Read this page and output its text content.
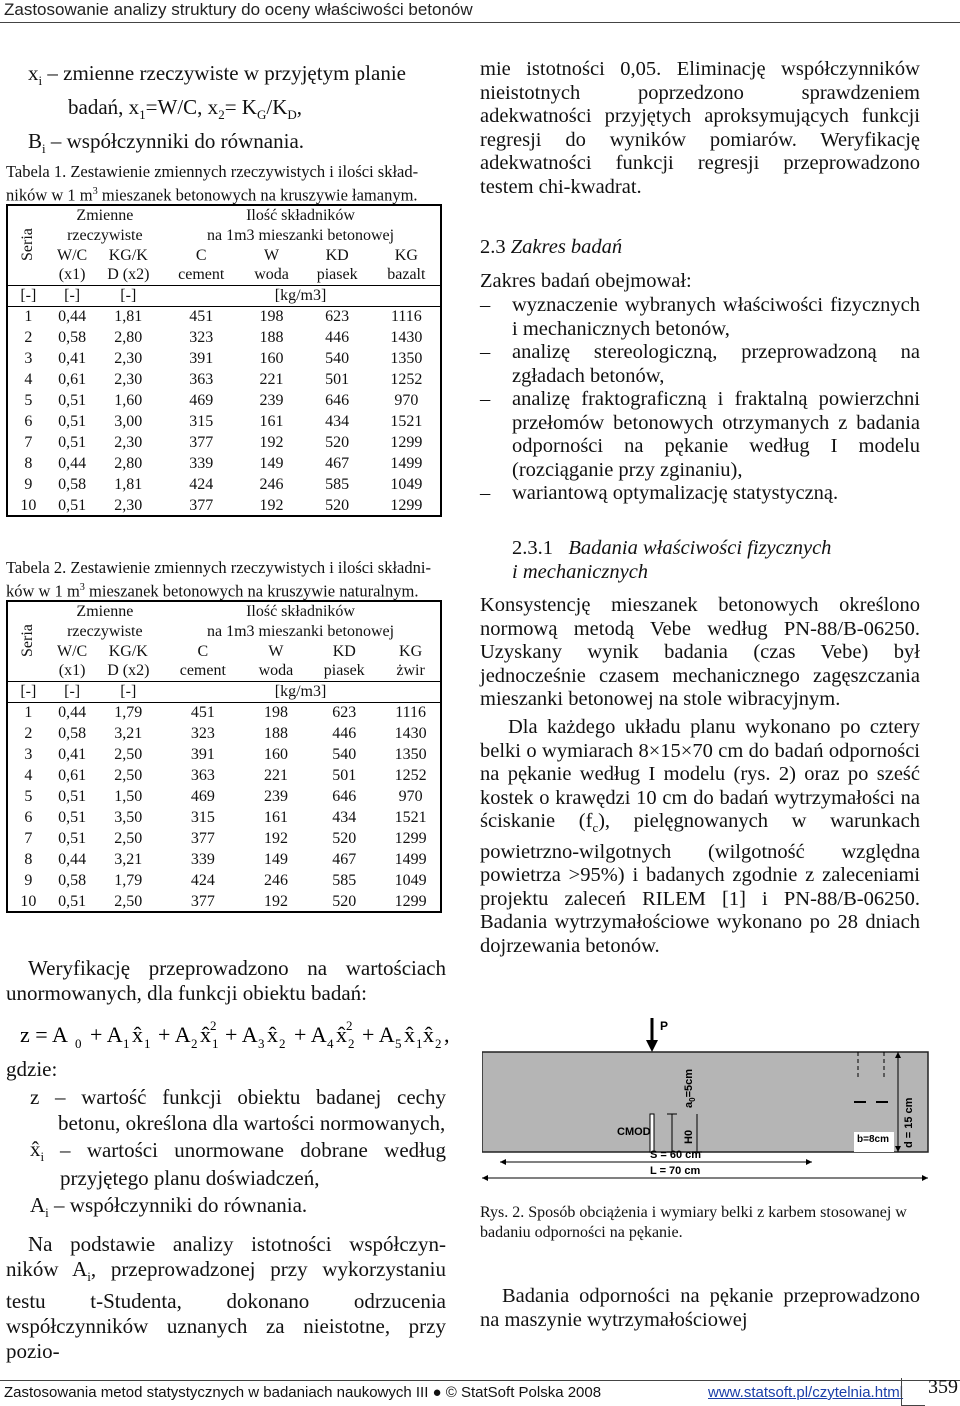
Zastosowanie analizy struktury do oceny właściwości betonów
Zastosowania metod statystycznych w badaniach naukowych III ● © StatSoft Polska 2008	www.statsoft.pl/czytelnia.html 359
$x_i$ – zmienne rzeczywiste w przyjętym planie
badań, $x_1=W/C$, $x_2= K_G/K_D$,
$B_i$ – współczynniki do równania.
Tabela 1. Zestawienie zmiennych rzeczywistych i ilości skład-
ników w 1 $m^3$ mieszanek betonowych na kruszywie łamanym.
Seria	Zmienne		Ilość składników			
	rzeczywiste		na 1m3 mieszanki betonowej			
	W/C	KG/K	C	W	KD	KG
	(x1)	D (x2)	cement	woda	piasek	bazalt
[-]	[-]	[-]	[kg/m3]			
1	0,44	1,81	451	198	623	1116
2	0,58	2,80	323	188	446	1430
3	0,41	2,30	391	160	540	1350
4	0,61	2,30	363	221	501	1252
5	0,51	1,60	469	239	646	970
6	0,51	3,00	315	161	434	1521
7	0,51	2,30	377	192	520	1299
8	0,44	2,80	339	149	467	1499
9	0,58	1,81	424	246	585	1049
10	0,51	2,30	377	192	520	1299
Tabela 2. Zestawienie zmiennych rzeczywistych i ilości składni-
ków w 1 $m^3$ mieszanek betonowych na kruszywie naturalnym.
Seria	Zmienne		Ilość składników			
	rzeczywiste		na 1m3 mieszanki betonowej			
	W/C	KG/K	C	W	KD	KG
	(x1)	D (x2)	cement	woda	piasek	żwir
[-]	[-]	[-]	[kg/m3]			
1	0,44	1,79	451	198	623	1116
2	0,58	3,21	323	188	446	1430
3	0,41	2,50	391	160	540	1350
4	0,61	2,50	363	221	501	1252
5	0,51	1,50	469	239	646	970
6	0,51	3,50	315	161	434	1521
7	0,51	2,50	377	192	520	1299
8	0,44	3,21	339	149	467	1499
9	0,58	1,79	424	246	585	1049
10	0,51	2,50	377	192	520	1299
Weryfikację przeprowadzono na wartościach unormowanych, dla funkcji obiektu badań:
z = A 0 + A 1 x̂ 1 + A 2 x̂ 2
1 + A 3 x̂ 2 + A 4 x̂ 2
2 + A 5 x̂ 1 x̂ 2 ,
gdzie:
z – wartość funkcji obiektu badanej cechy betonu, określona dla wartości normowanych,
$x̂_i$ – wartości unormowane dobrane według przyjętego planu doświadczeń,
$A_i$ – współczynniki do równania.
Na podstawie analizy istotności współczyn- ników $A_i$, przeprowadzonej przy wykorzystaniu testu t-Studenta, dokonano odrzucenia współczynników uznanych za nieistotne, przy pozio-
mie istotności 0,05. Eliminację współczynników nieistotnych poprzedzono sprawdzeniem adekwatności przyjętych aproksymujących funkcji regresji do wyników pomiarów. Weryfikację adekwatności funkcji regresji przeprowadzono testem chi-kwadrat.
2.3 Zakres badań
Zakres badań obejmował:
– wyznaczenie wybranych właściwości fizycznych i mechanicznych betonów,
– analizę stereologiczną, przeprowadzoną na zgładach betonów,
– analizę fraktograficzną i fraktalną powierzchni przełomów betonowych otrzymanych z badania odporności na pękanie według I modelu (rozciąganie przy zginaniu),
– wariantową optymalizację statystyczną.
2.3.1 Badania właściwości fizycznych
i mechanicznych
Konsystencję mieszanek betonowych określono normową metodą Vebe według PN-88/B-06250. Uzyskany wynik badania (czas Vebe) był jednocześnie czasem mechanicznego zagęszczania mieszanki betonowej na stole wibracyjnym.
Dla każdego układu planu wykonano po cztery belki o wymiarach 8×15×70 cm do badań odporności na pękanie według I modelu (rys. 2) oraz po sześć kostek o krawędzi 10 cm do badań wytrzymałości na ściskanie $(f_c)$, pielęgnowanych w warunkach powietrzno-wilgotnych (wilgotność względna powietrza >95%) i badanych zgodnie z zaleceniami projektu zaleceń RILEM [1] i PN-88/B-06250. Badania wytrzymałościowe wykonano po 28 dniach dojrzewania betonów.
P
CMOD	H0
$a_0=5cm$
S = 60 cm
L = 70 cm
b=8cm d = 15 cm
Rys. 2. Sposób obciążenia i wymiary belki z karbem stosowanej w badaniu odporności na pękanie.
Badania odporności na pękanie przeprowadzono na maszynie wytrzymałościowej
